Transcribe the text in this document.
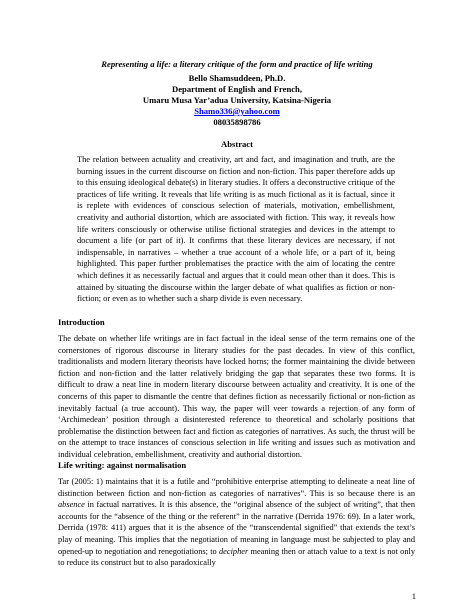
Representing a life: a literary critique of the form and practice of life writing
Bello Shamsuddeen, Ph.D.
Department of English and French,
Umaru Musa Yar’adua University, Katsina-Nigeria
Shamo336@yahoo.com
08035898786
Abstract

The relation between actuality and creativity, art and fact, and imagination and truth, are the burning issues in the current discourse on fiction and non-fiction. This paper therefore adds up to this ensuing ideological debate(s) in literary studies. It offers a deconstructive critique of the practices of life writing. It reveals that life writing is as much fictional as it is factual, since it is replete with evidences of conscious selection of materials, motivation, embellishment, creativity and authorial distortion, which are associated with fiction. This way, it reveals how life writers consciously or otherwise utilise fictional strategies and devices in the attempt to document a life (or part of it). It confirms that these literary devices are necessary, if not indispensable, in narratives – whether a true account of a whole life, or a part of it, being highlighted. This paper further problematises the practice with the aim of locating the centre which defines it as necessarily factual and argues that it could mean other than it does. This is attained by situating the discourse within the larger debate of what qualifies as fiction or non-fiction; or even as to whether such a sharp divide is even necessary.

Introduction

The debate on whether life writings are in fact factual in the ideal sense of the term remains one of the cornerstones of rigorous discourse in literary studies for the past decades. In view of this conflict, traditionalists and modern literary theorists have locked horns; the former maintaining the divide between fiction and non-fiction and the latter relatively bridging the gap that separates these two forms. It is difficult to draw a neat line in modern literary discourse between actuality and creativity. It is one of the concerns of this paper to dismantle the centre that defines fiction as necessarily fictional or non-fiction as inevitably factual (a true account). This way, the paper will veer towards a rejection of any form of ‘Archimedean’ position through a disinterested reference to theoretical and scholarly positions that problematise the distinction between fact and fiction as categories of narratives. As such, the thrust will be on the attempt to trace instances of conscious selection in life writing and issues such as motivation and individual celebration, embellishment, creativity and authorial distortion.

Life writing: against normalisation

Tar (2005: 1) maintains that it is a futile and “prohibitive enterprise attempting to delineate a neat line of distinction between fiction and non-fiction as categories of narratives”. This is so because there is an absence in factual narratives. It is this absence, the “original absence of the subject of writing”, that then accounts for the “absence of the thing or the referent” in the narrative (Derrida 1976: 69). In a later work, Derrida (1978: 411) argues that it is the absence of the “transcendental signified” that extends the text’s play of meaning. This implies that the negotiation of meaning in language must be subjected to play and opened-up to negotiation and renegotiations; to decipher meaning then or attach value to a text is not only to reduce its construct but to also paradoxically

1
